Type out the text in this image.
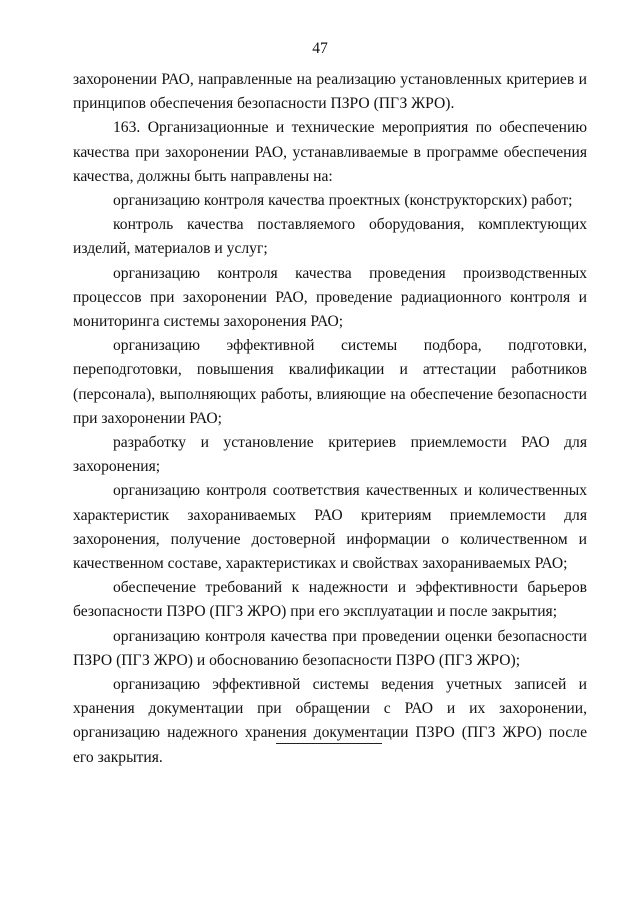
47

захоронении РАО, направленные на реализацию установленных критериев и принципов обеспечения безопасности ПЗРО (ПГЗ ЖРО).

163. Организационные и технические мероприятия по обеспечению качества при захоронении РАО, устанавливаемые в программе обеспечения качества, должны быть направлены на:

организацию контроля качества проектных (конструкторских) работ;

контроль качества поставляемого оборудования, комплектующих изделий, материалов и услуг;

организацию контроля качества проведения производственных процессов при захоронении РАО, проведение радиационного контроля и мониторинга системы захоронения РАО;

организацию эффективной системы подбора, подготовки, переподготовки, повышения квалификации и аттестации работников (персонала), выполняющих работы, влияющие на обеспечение безопасности при захоронении РАО;

разработку и установление критериев приемлемости РАО для захоронения;

организацию контроля соответствия качественных и количественных характеристик захораниваемых РАО критериям приемлемости для захоронения, получение достоверной информации о количественном и качественном составе, характеристиках и свойствах захораниваемых РАО;

обеспечение требований к надежности и эффективности барьеров безопасности ПЗРО (ПГЗ ЖРО) при его эксплуатации и после закрытия;

организацию контроля качества при проведении оценки безопасности ПЗРО (ПГЗ ЖРО) и обоснованию безопасности ПЗРО (ПГЗ ЖРО);

организацию эффективной системы ведения учетных записей и хранения документации при обращении с РАО и их захоронении, организацию надежного хранения документации ПЗРО (ПГЗ ЖРО) после его закрытия.
